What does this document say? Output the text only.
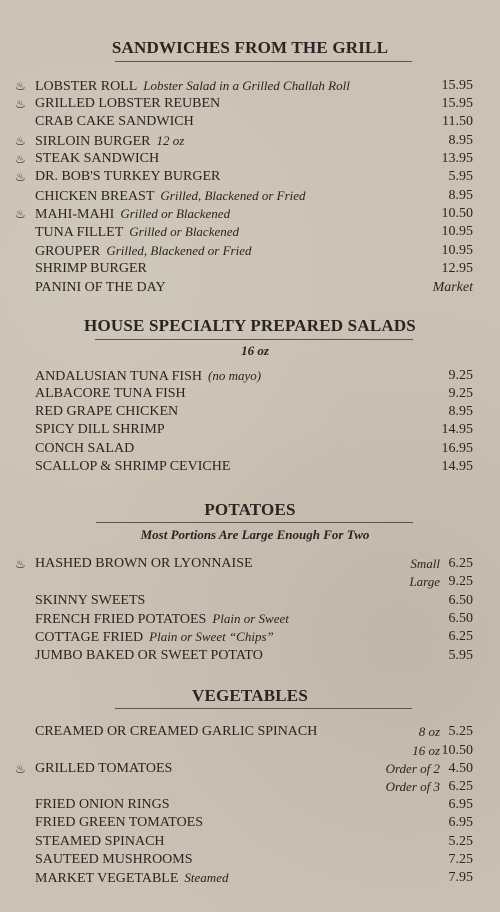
SANDWICHES FROM THE GRILL
♨ LOBSTER ROLL Lobster Salad in a Grilled Challah Roll	15.95
♨ GRILLED LOBSTER REUBEN	15.95
CRAB CAKE SANDWICH	11.50
♨ SIRLOIN BURGER 12 oz	8.95
♨ STEAK SANDWICH	13.95
♨ DR. BOB'S TURKEY BURGER	5.95
CHICKEN BREAST Grilled, Blackened or Fried	8.95
♨ MAHI-MAHI Grilled or Blackened	10.50
TUNA FILLET Grilled or Blackened	10.95
GROUPER Grilled, Blackened or Fried	10.95
SHRIMP BURGER	12.95
PANINI OF THE DAY	Market
HOUSE SPECIALTY PREPARED SALADS
16 oz
ANDALUSIAN TUNA FISH (no mayo)	9.25
ALBACORE TUNA FISH	9.25
RED GRAPE CHICKEN	8.95
SPICY DILL SHRIMP	14.95
CONCH SALAD	16.95
SCALLOP & SHRIMP CEVICHE	14.95
POTATOES
Most Portions Are Large Enough For Two
♨ HASHED BROWN OR LYONNAISE	Small 6.25
Large 9.25
SKINNY SWEETS	6.50
FRENCH FRIED POTATOES Plain or Sweet	6.50
COTTAGE FRIED Plain or Sweet “Chips”	6.25
JUMBO BAKED OR SWEET POTATO	5.95
VEGETABLES
CREAMED OR CREAMED GARLIC SPINACH	8 oz 5.25
16 oz 10.50
♨ GRILLED TOMATOES	Order of 2 4.50
Order of 3 6.25
FRIED ONION RINGS	6.95
FRIED GREEN TOMATOES	6.95
STEAMED SPINACH	5.25
SAUTEED MUSHROOMS	7.25
MARKET VEGETABLE Steamed	7.95
